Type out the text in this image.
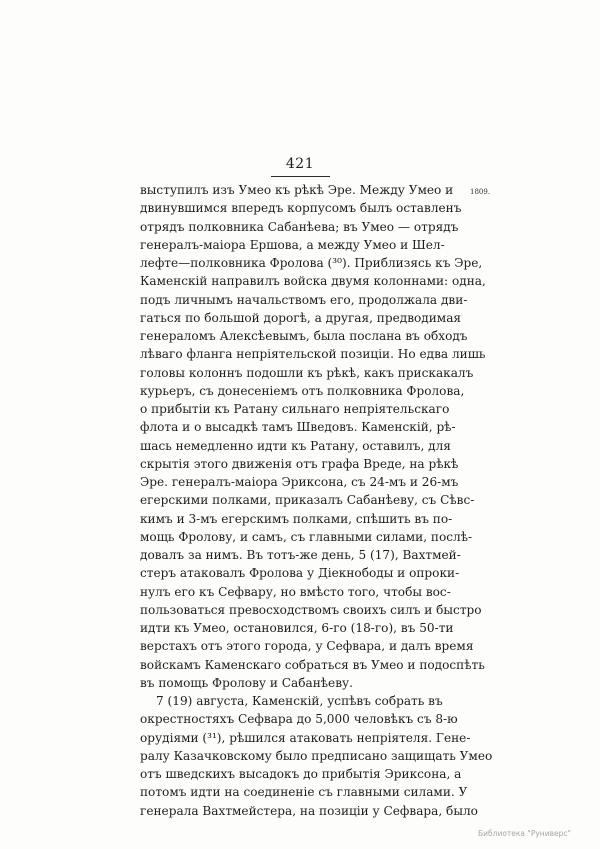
421
1809.
выступилъ изъ Умео къ рѣкѣ Эре. Между Умео и
двинувшимся впередъ корпусомъ былъ оставленъ
отрядъ полковника Сабанѣева; въ Умео — отрядъ
генералъ-маіора Ершова, а между Умео и Шел-
лефте—полковника Фролова (³⁰). Приблизясь къ Эре,
Каменскій направилъ войска двумя колоннами: одна,
подъ личнымъ начальствомъ его, продолжала дви-
гаться по большой дорогѣ, а другая, предводимая
генераломъ Алексѣевымъ, была послана въ обходъ
лѣваго фланга непріятельской позиціи. Но едва лишь
головы колоннъ подошли къ рѣкѣ, какъ прискакалъ
курьеръ, съ донесеніемъ отъ полковника Фролова,
о прибытіи къ Ратану сильнаго непріятельскаго
флота и о высадкѣ тамъ Шведовъ. Каменскій, рѣ-
шась немедленно идти къ Ратану, оставилъ, для
скрытія этого движенія отъ графа Вреде, на рѣкѣ
Эре. генералъ-маіора Эриксона, съ 24-мъ и 26-мъ
егерскими полками, приказалъ Сабанѣеву, съ Сѣвс-
кимъ и 3-мъ егерскимъ полками, спѣшить въ по-
мощь Фролову, и самъ, съ главными силами, послѣ-
довалъ за нимъ. Въ тотъ-же день, 5 (17), Вахтмей-
стеръ атаковалъ Фролова у Діекнободы и опроки-
нулъ его къ Сефвару, но вмѣсто того, чтобы вос-
пользоваться превосходствомъ своихъ силъ и быстро
идти къ Умео, остановился, 6-го (18-го), въ 50-ти
верстахъ отъ этого города, у Сефвара, и далъ время
войскамъ Каменскаго собраться въ Умео и подоспѣть
въ помощь Фролову и Сабанѣеву.
7 (19) августа, Каменскій, успѣвъ собрать въ
окрестностяхъ Сефвара до 5,000 человѣкъ съ 8-ю
орудіями (³¹), рѣшился атаковать непріятеля. Гене-
ралу Казачковскому было предписано защищать Умео
отъ шведскихъ высадокъ до прибытія Эриксона, а
потомъ идти на соединеніе съ главными силами. У
генерала Вахтмейстера, на позиціи у Сефвара, было
Библиотека "Руниверс"
